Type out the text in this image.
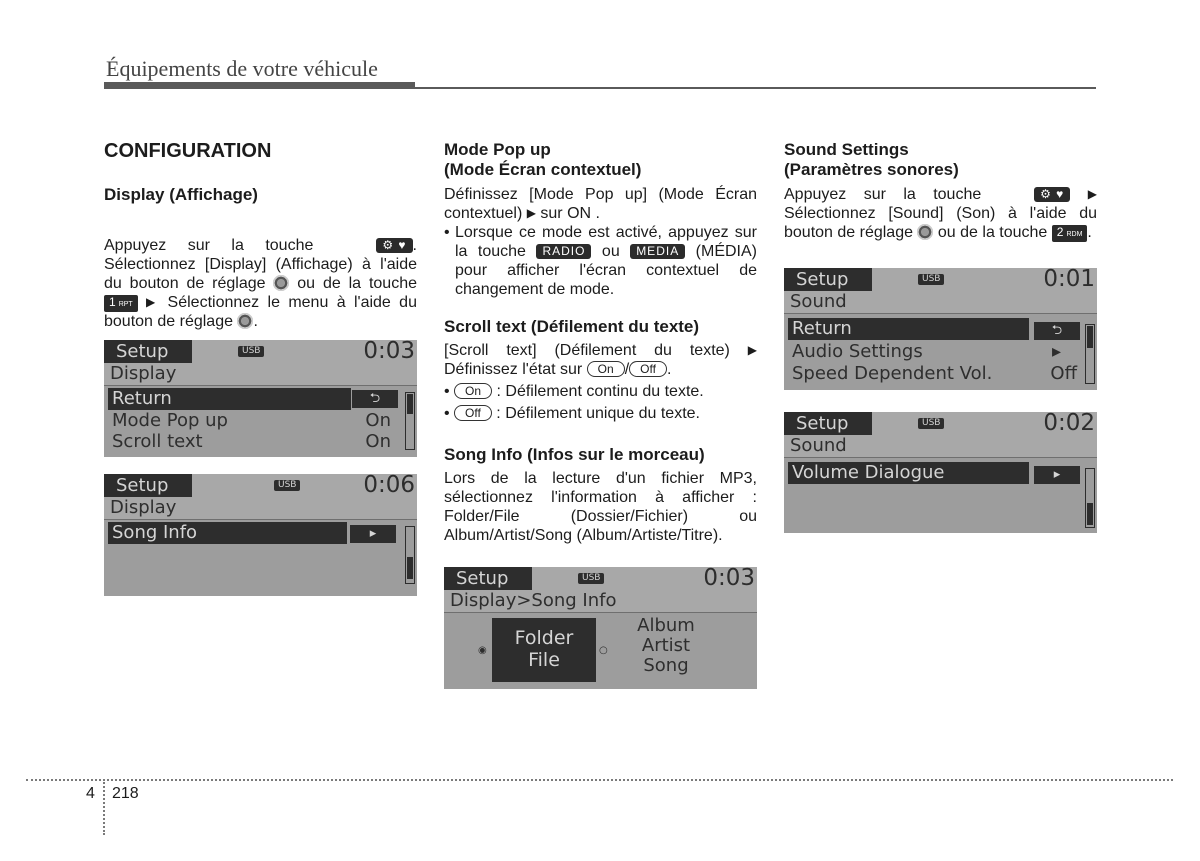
Équipements de votre véhicule
CONFIGURATION
Display (Affichage)

Appuyez sur la touche	⚙ ♥ . Sélectionnez [Display] (Affichage) à l'aide du bouton de réglage ou de la touche 1 RPT ▶ Sélectionnez le menu à l'aide du bouton de réglage .

Setup	USB	0:03
Display
Return	⮌
Mode Pop up	On
Scroll text	On
Setup	USB	0:06
Display
Song Info	▸
Mode Pop up
(Mode Écran contextuel)

Définissez [Mode Pop up] (Mode Écran contextuel) ▶ sur ON .

• Lorsque ce mode est activé, appuyez sur la touche RADIO ou MEDIA (MÉDIA) pour afficher l'écran contextuel de changement de mode.
Scroll text (Défilement du texte)

[Scroll text] (Défilement du texte) ▶ Définissez l'état sur On / Off .

• On : Défilement continu du texte.
• Off : Défilement unique du texte.
Song Info (Infos sur le morceau)

Lors de la lecture d'un fichier MP3, sélectionnez l'information à afficher : Folder/File (Dossier/Fichier) ou Album/Artist/Song (Album/Artiste/Titre).

Setup	USB	0:03
Display>Song Info
◉
Folder
File	○
Album
Artist
Song
Sound Settings
(Paramètres sonores)

Appuyez sur la touche	⚙ ♥ ▶ Sélectionnez [Sound] (Son) à l'aide du bouton de réglage ou de la touche 2 RDM .

Setup	USB	0:01
Sound
Return	⮌
Audio Settings	▸
Speed Dependent Vol.	Off
Setup	USB	0:02
Sound
Volume Dialogue	▸
4 218
